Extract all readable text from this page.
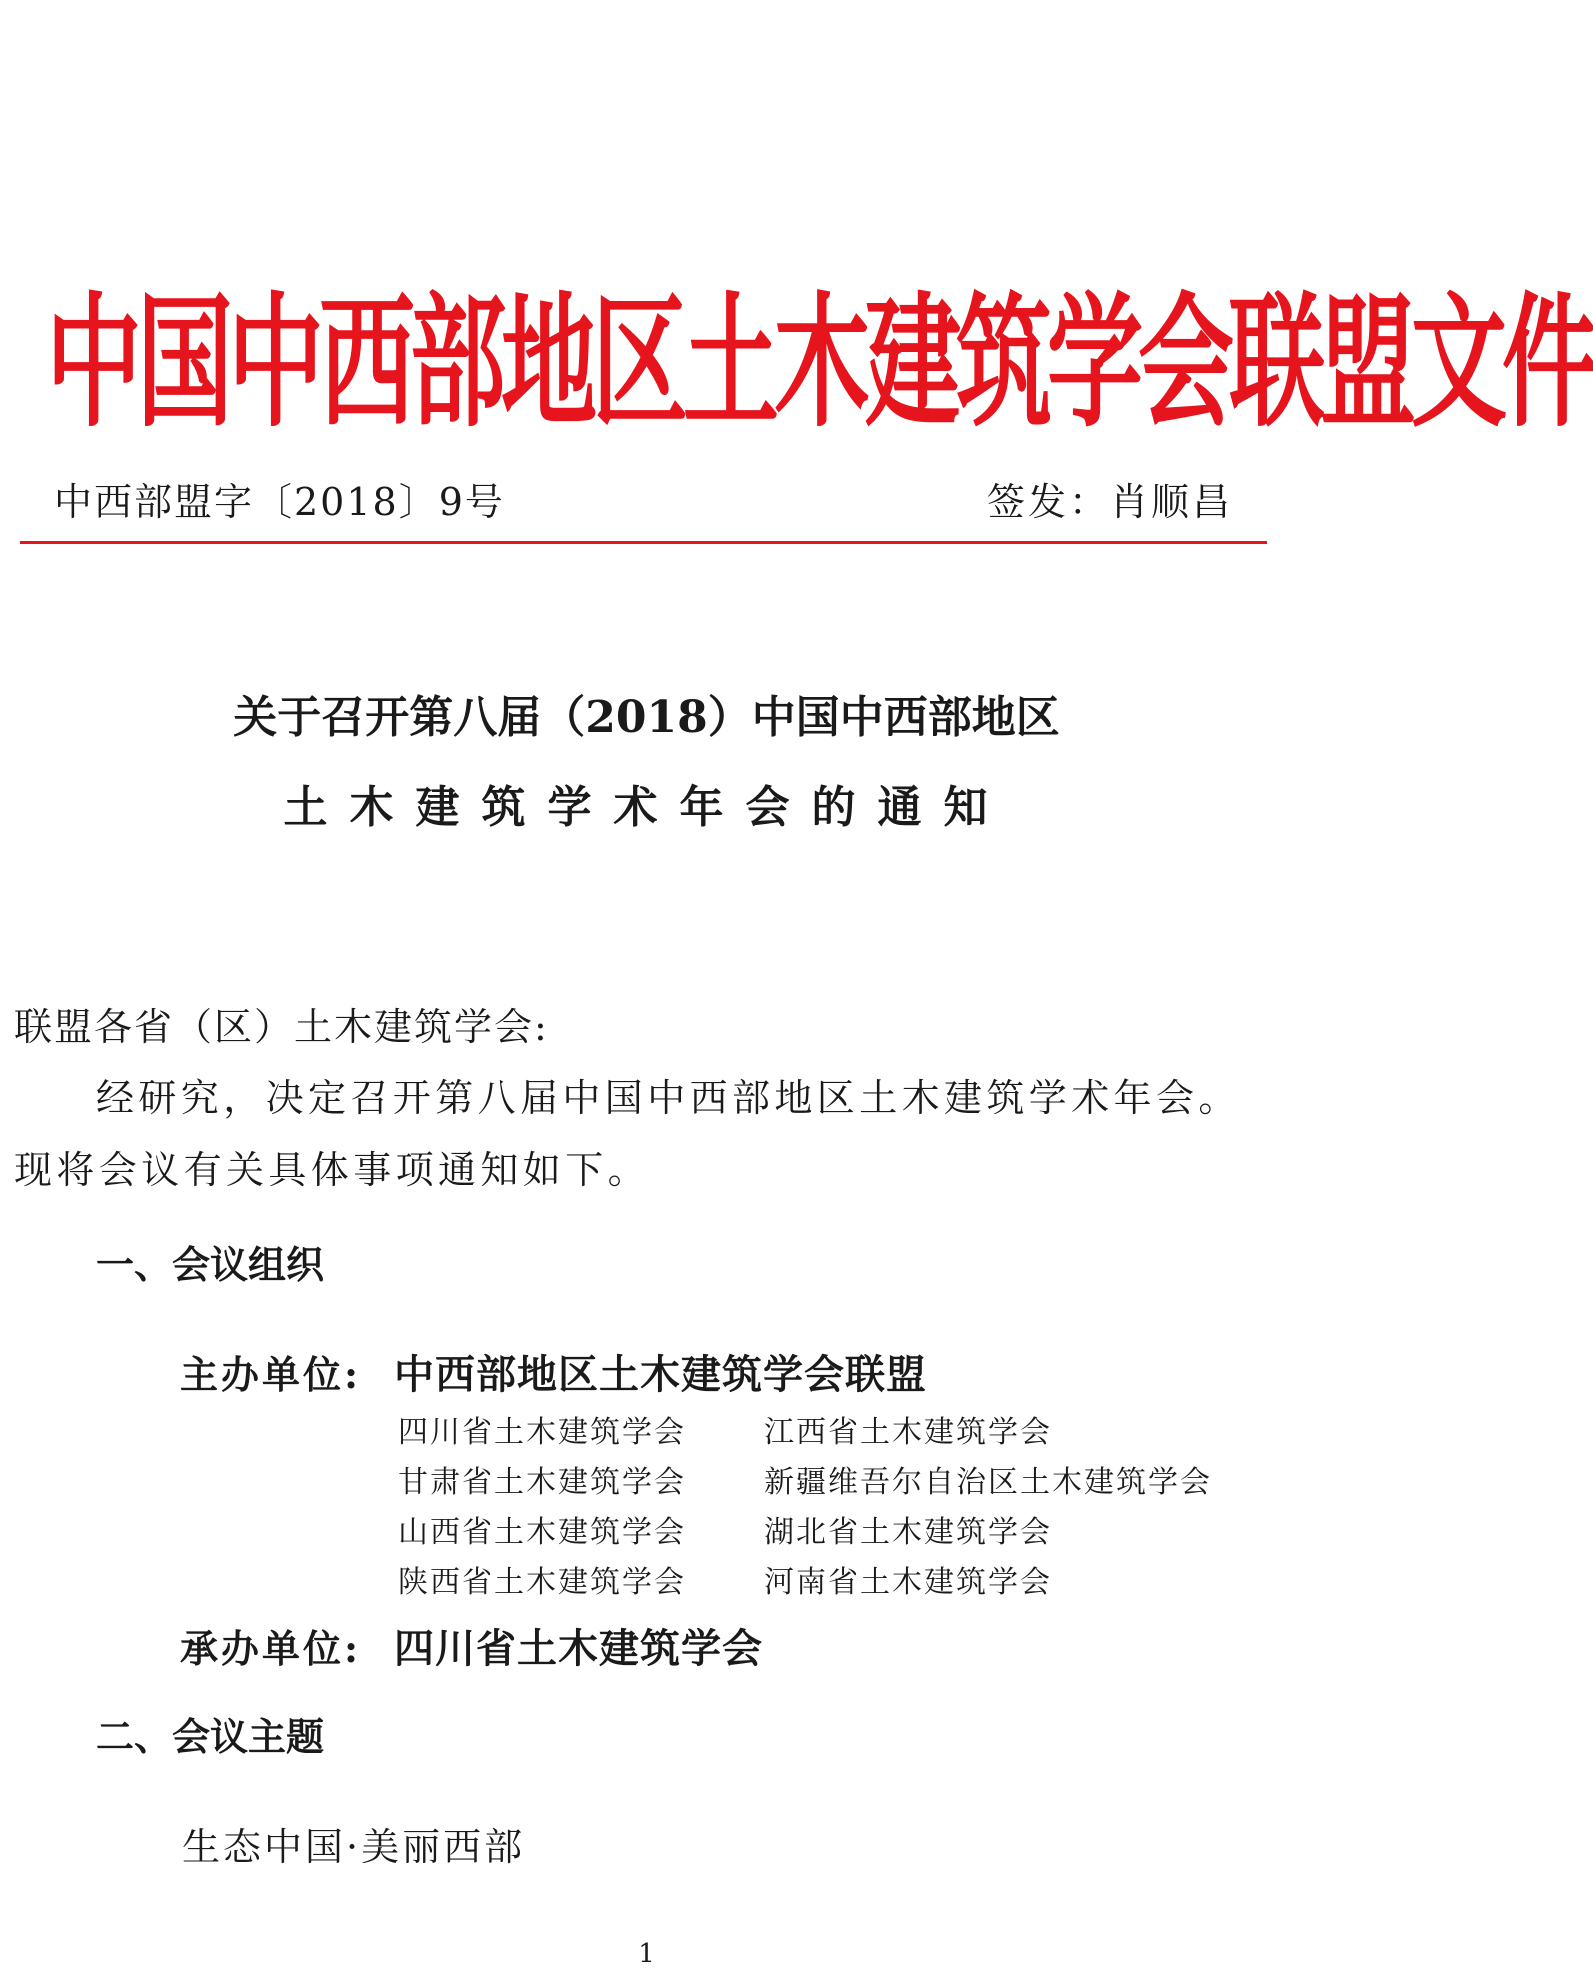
中国中西部地区土木建筑学会联盟文件
中西部盟字〔2018〕9号	签发：肖顺昌
关于召开第八届（2018）中国中西部地区
土木建筑学术年会的通知
联盟各省（区）土木建筑学会:
经研究，决定召开第八届中国中西部地区土木建筑学术年会。现将会议有关具体事项通知如下。
一、会议组织
主办单位: 中西部地区土木建筑学会联盟
四川省土木建筑学会	江西省土木建筑学会
甘肃省土木建筑学会	新疆维吾尔自治区土木建筑学会
山西省土木建筑学会	湖北省土木建筑学会
陕西省土木建筑学会	河南省土木建筑学会
承办单位: 四川省土木建筑学会
二、会议主题
生态中国·美丽西部
1
